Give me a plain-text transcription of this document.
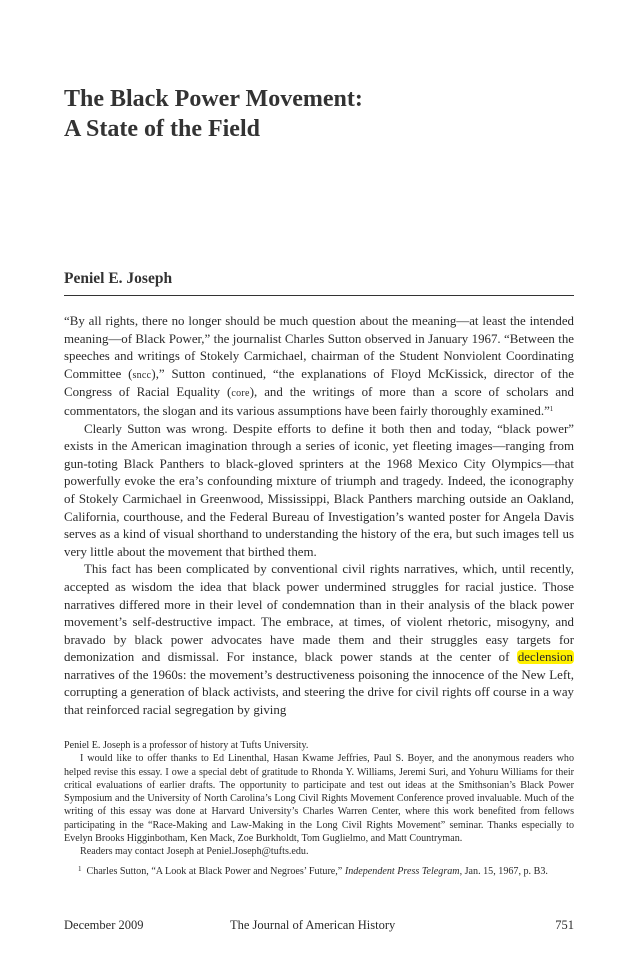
The Black Power Movement:
A State of the Field
Peniel E. Joseph

“By all rights, there no longer should be much question about the meaning—at least the intended meaning—of Black Power,” the journalist Charles Sutton observed in January 1967. “Between the speeches and writings of Stokely Carmichael, chairman of the Student Nonviolent Coordinating Committee (sncc),” Sutton continued, “the explanations of Floyd McKissick, director of the Congress of Racial Equality (core), and the writings of more than a score of scholars and commentators, the slogan and its various assumptions have been fairly thoroughly examined.”$^1$

Clearly Sutton was wrong. Despite efforts to define it both then and today, “black power” exists in the American imagination through a series of iconic, yet fleeting images—ranging from gun-toting Black Panthers to black-gloved sprinters at the 1968 Mexico City Olympics—that powerfully evoke the era’s confounding mixture of triumph and tragedy. Indeed, the iconography of Stokely Carmichael in Greenwood, Mississippi, Black Panthers marching outside an Oakland, California, courthouse, and the Federal Bureau of Investigation’s wanted poster for Angela Davis serves as a kind of visual shorthand to understanding the history of the era, but such images tell us very little about the movement that birthed them.

This fact has been complicated by conventional civil rights narratives, which, until recently, accepted as wisdom the idea that black power undermined struggles for racial justice. Those narratives differed more in their level of condemnation than in their analysis of the black power movement’s self-destructive impact. The embrace, at times, of violent rhetoric, misogyny, and bravado by black power advocates have made them and their struggles easy targets for demonization and dismissal. For instance, black power stands at the center of declension narratives of the 1960s: the movement’s destructiveness poisoning the innocence of the New Left, corrupting a generation of black activists, and steering the drive for civil rights off course in a way that reinforced racial segregation by giving

Peniel E. Joseph is a professor of history at Tufts University.

I would like to offer thanks to Ed Linenthal, Hasan Kwame Jeffries, Paul S. Boyer, and the anonymous readers who helped revise this essay. I owe a special debt of gratitude to Rhonda Y. Williams, Jeremi Suri, and Yohuru Williams for their critical evaluations of earlier drafts. The opportunity to participate and test out ideas at the Smithsonian’s Black Power Symposium and the University of North Carolina’s Long Civil Rights Movement Conference proved invaluable. Much of the writing of this essay was done at Harvard University’s Charles Warren Center, where this work benefited from fellows participating in the “Race-Making and Law-Making in the Long Civil Rights Movement” seminar. Thanks especially to Evelyn Brooks Higginbotham, Ken Mack, Zoe Burkholdt, Tom Guglielmo, and Matt Countryman.

Readers may contact Joseph at Peniel.Joseph@tufts.edu.

$^1$ Charles Sutton, “A Look at Black Power and Negroes’ Future,” Independent Press Telegram, Jan. 15, 1967, p. B3.

December 2009	The Journal of American History	751
